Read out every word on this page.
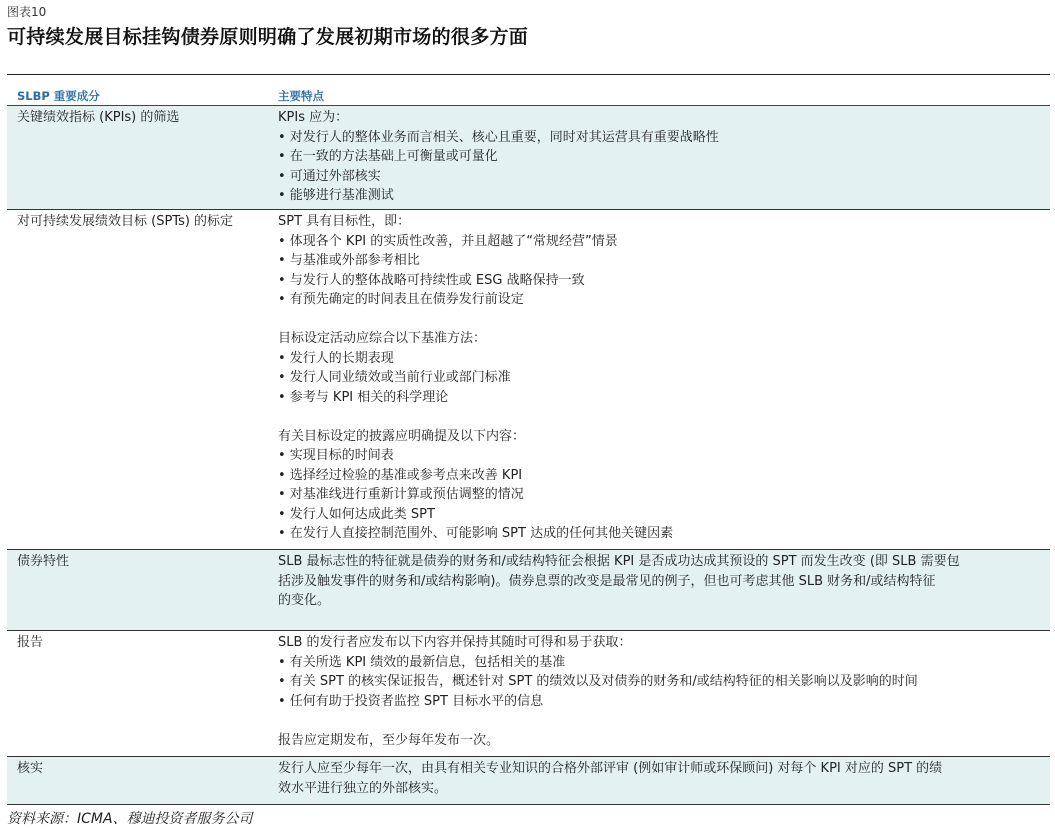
图表10
可持续发展目标挂钩债券原则明确了发展初期市场的很多方面
SLBP 重要成分	主要特点
关键绩效指标 (KPIs) 的筛选	KPIs 应为：
• 对发行人的整体业务而言相关、核心且重要，同时对其运营具有重要战略性
• 在一致的方法基础上可衡量或可量化
• 可通过外部核实
• 能够进行基准测试
对可持续发展绩效目标 (SPTs) 的标定	SPT 具有目标性，即：
• 体现各个 KPI 的实质性改善，并且超越了“常规经营”情景
• 与基准或外部参考相比
• 与发行人的整体战略可持续性或 ESG 战略保持一致
• 有预先确定的时间表且在债券发行前设定
目标设定活动应综合以下基准方法：
• 发行人的长期表现
• 发行人同业绩效或当前行业或部门标准
• 参考与 KPI 相关的科学理论
有关目标设定的披露应明确提及以下内容：
• 实现目标的时间表
• 选择经过检验的基准或参考点来改善 KPI
• 对基准线进行重新计算或预估调整的情况
• 发行人如何达成此类 SPT
• 在发行人直接控制范围外、可能影响 SPT 达成的任何其他关键因素
债券特性	SLB 最标志性的特征就是债券的财务和/或结构特征会根据 KPI 是否成功达成其预设的 SPT 而发生改变 (即 SLB 需要包
括涉及触发事件的财务和/或结构影响)。债券息票的改变是最常见的例子，但也可考虑其他 SLB 财务和/或结构特征
的变化。
报告	SLB 的发行者应发布以下内容并保持其随时可得和易于获取：
• 有关所选 KPI 绩效的最新信息，包括相关的基准
• 有关 SPT 的核实保证报告，概述针对 SPT 的绩效以及对债券的财务和/或结构特征的相关影响以及影响的时间
• 任何有助于投资者监控 SPT 目标水平的信息
报告应定期发布，至少每年发布一次。
核实	发行人应至少每年一次，由具有相关专业知识的合格外部评审 (例如审计师或环保顾问) 对每个 KPI 对应的 SPT 的绩
效水平进行独立的外部核实。
资料来源：ICMA、穆迪投资者服务公司
